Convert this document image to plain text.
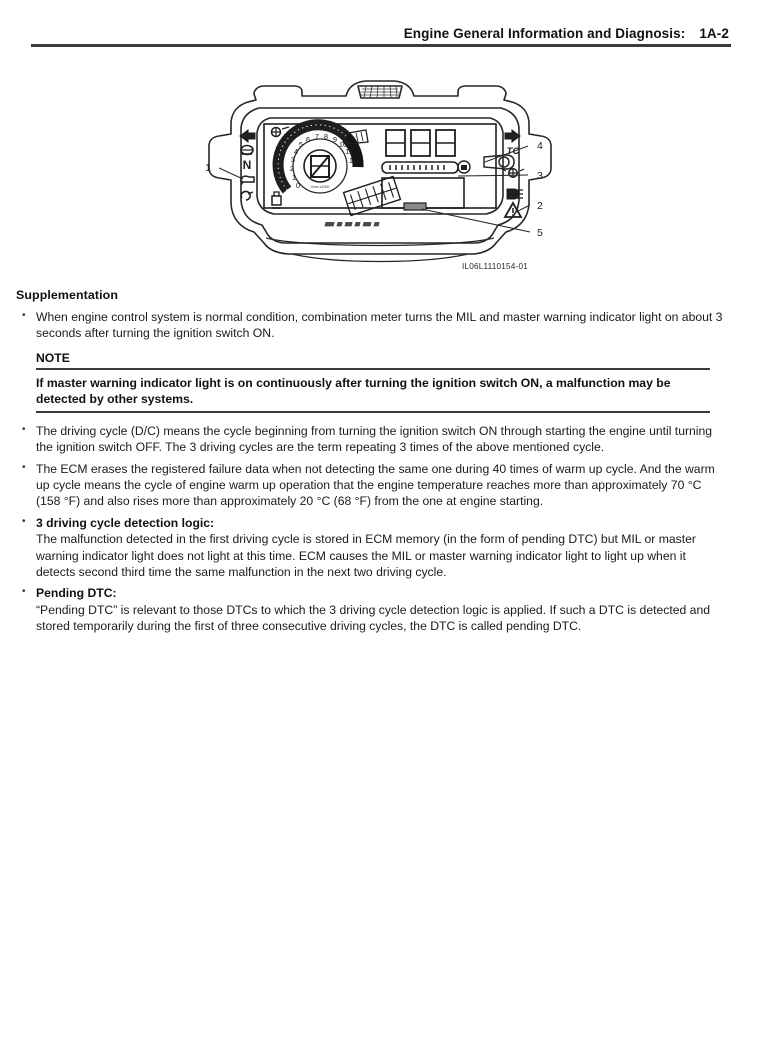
Engine General Information and Diagnosis: 1A-2
0
1
2
3
4
5
6 7 8 9
10
11
12
r/min x1000
N
TC
1
4
3
2
5
IL06L1110154-01
Supplementation
• When engine control system is normal condition, combination meter turns the MIL and master warning indicator light on about 3 seconds after turning the ignition switch ON.
NOTE
If master warning indicator light is on continuously after turning the ignition switch ON, a malfunction may be detected by other systems.
• The driving cycle (D/C) means the cycle beginning from turning the ignition switch ON through starting the engine until turning the ignition switch OFF. The 3 driving cycles are the term repeating 3 times of the above mentioned cycle.
• The ECM erases the registered failure data when not detecting the same one during 40 times of warm up cycle. And the warm up cycle means the cycle of engine warm up operation that the engine temperature reaches more than approximately 70 °C (158 °F) and also rises more than approximately 20 °C (68 °F) from the one at engine starting.
• 3 driving cycle detection logic:
The malfunction detected in the first driving cycle is stored in ECM memory (in the form of pending DTC) but MIL or master warning indicator light does not light at this time. ECM causes the MIL or master warning indicator light to light up when it detects second third time the same malfunction in the next two driving cycle.
• Pending DTC:
“Pending DTC” is relevant to those DTCs to which the 3 driving cycle detection logic is applied. If such a DTC is detected and stored temporarily during the first of three consecutive driving cycles, the DTC is called pending DTC.
